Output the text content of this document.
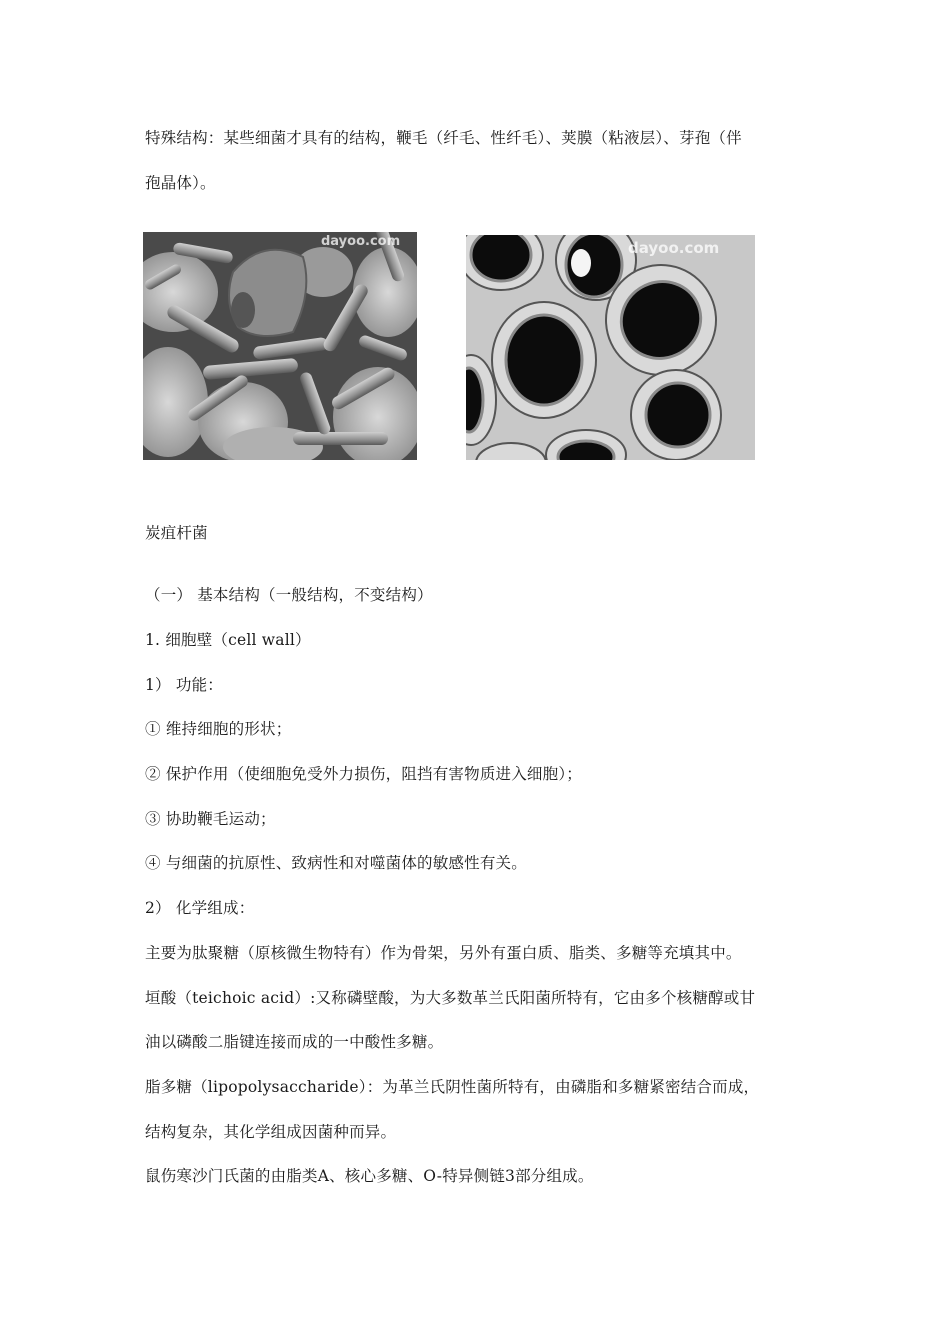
特殊结构：某些细菌才具有的结构，鞭毛（纤毛、性纤毛）、荚膜（粘液层）、芽孢（伴
孢晶体）。
dayoo.com	dayoo.com
炭疽杆菌
（一） 基本结构（一般结构，不变结构）
1. 细胞壁（cell wall）
1） 功能：
① 维持细胞的形状；
② 保护作用（使细胞免受外力损伤，阻挡有害物质进入细胞）；
③ 协助鞭毛运动；
④ 与细菌的抗原性、致病性和对噬菌体的敏感性有关。
2） 化学组成：
主要为肽聚糖（原核微生物特有）作为骨架，另外有蛋白质、脂类、多糖等充填其中。
垣酸（teichoic acid）:又称磷壁酸，为大多数革兰氏阳菌所特有，它由多个核糖醇或甘
油以磷酸二脂键连接而成的一中酸性多糖。
脂多糖（lipopolysaccharide）：为革兰氏阴性菌所特有，由磷脂和多糖紧密结合而成，
结构复杂，其化学组成因菌种而异。
鼠伤寒沙门氏菌的由脂类A、核心多糖、O-特异侧链3部分组成。
